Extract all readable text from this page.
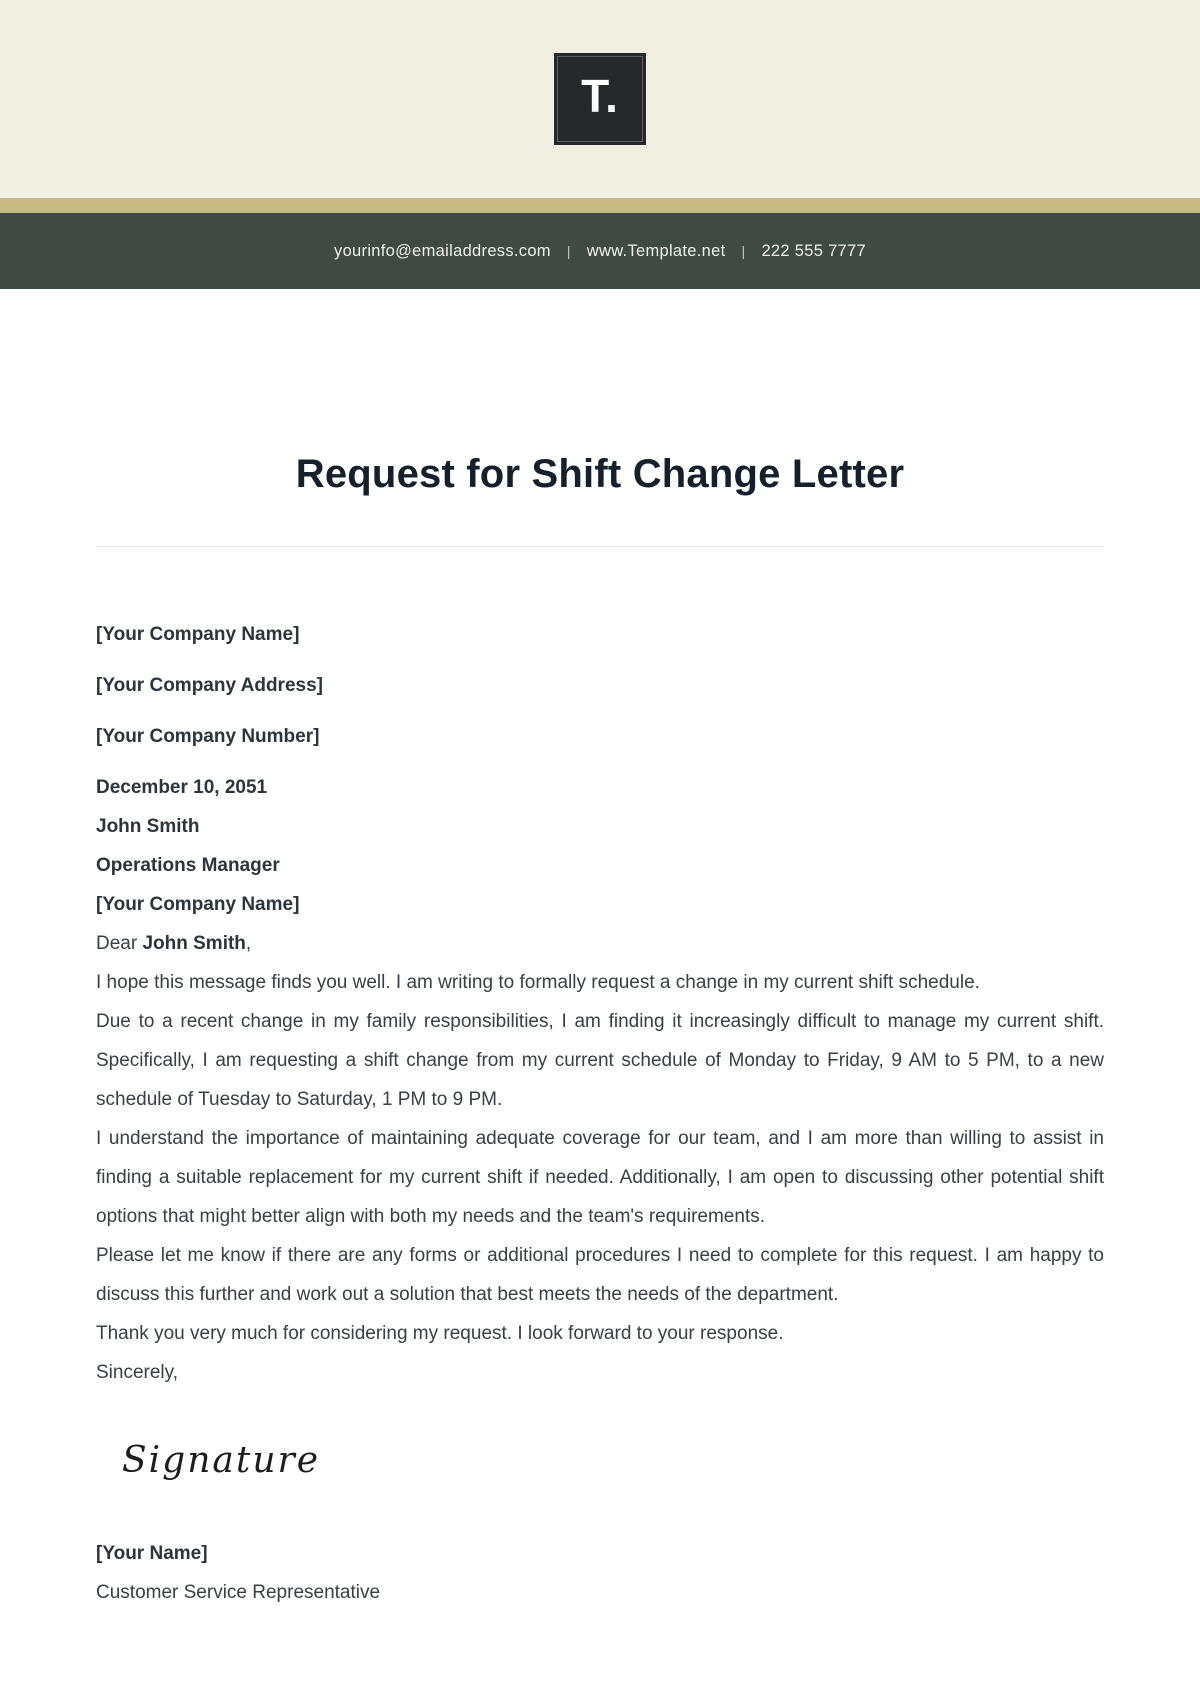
T.
yourinfo@emailaddress.com | www.Template.net | 222 555 7777
Request for Shift Change Letter

[Your Company Name]

[Your Company Address]

[Your Company Number]

December 10, 2051

John Smith

Operations Manager

[Your Company Name]

Dear John Smith,

I hope this message finds you well. I am writing to formally request a change in my current shift schedule.

Due to a recent change in my family responsibilities, I am finding it increasingly difficult to manage my current shift. Specifically, I am requesting a shift change from my current schedule of Monday to Friday, 9 AM to 5 PM, to a new schedule of Tuesday to Saturday, 1 PM to 9 PM.

I understand the importance of maintaining adequate coverage for our team, and I am more than willing to assist in finding a suitable replacement for my current shift if needed. Additionally, I am open to discussing other potential shift options that might better align with both my needs and the team's requirements.

Please let me know if there are any forms or additional procedures I need to complete for this request. I am happy to discuss this further and work out a solution that best meets the needs of the department.

Thank you very much for considering my request. I look forward to your response.

Sincerely,

Signature

[Your Name]

Customer Service Representative
